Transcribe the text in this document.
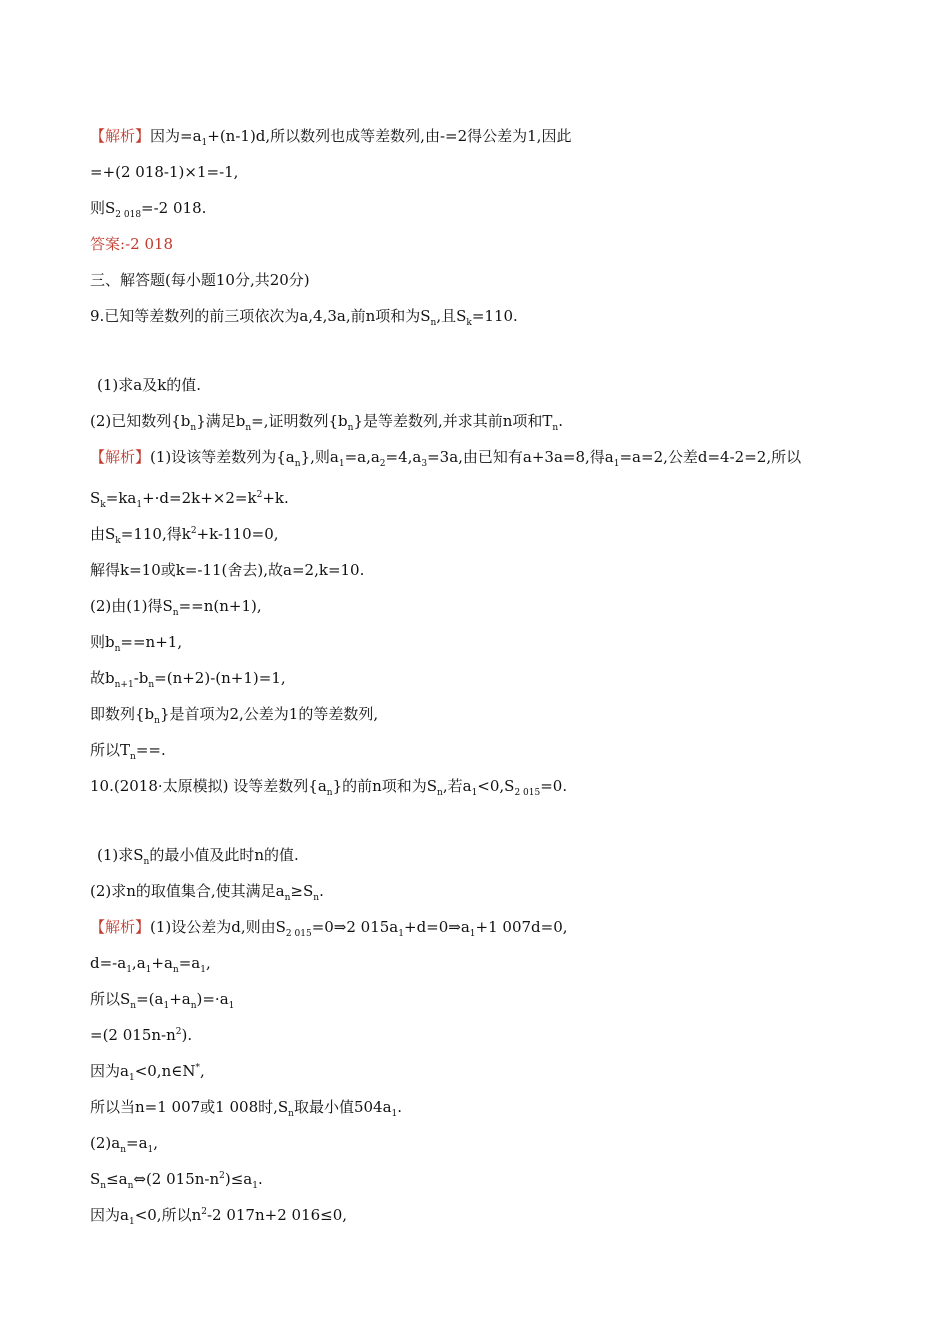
【解析】因为$=a_1+(n-1)d$,所以数列也成等差数列,由-=2得公差为1,因此
=+(2 018-1)×1=-1,
则$S_{2 018}=-2$ 018.
答案:-2 018
三、解答题(每小题10分,共20分)
9.已知等差数列的前三项依次为a,4,3a,前n项和为$S_n$,且$S_k=110$.
(1)求a及k的值.
(2)已知数列$\{b_n\}$满足$b_n=$,证明数列$\{b_n\}$是等差数列,并求其前n项和$T_n$.
【解析】(1)设该等差数列为$\{a_n\}$,则$a_1=a,a_2=4,a_3=3a$,由已知有a+3a=8,得$a_1=a=2$,公差d=4-2=2,所以
$S_k=ka_1+\cdot d=2k+\times 2=k^2+k$.
由$S_k=110$,得$k^2+k-110=0$,
解得k=10或k=-11(舍去),故a=2,k=10.
(2)由(1)得$S_n==n(n+1)$,
则$b_n==n+1$,
故$b_{n+1}-b_n=(n+2)-(n+1)=1$,
即数列$\{b_n\}$是首项为2,公差为1的等差数列,
所以$T_n==$.
10.(2018·太原模拟) 设等差数列$\{a_n\}$的前n项和为$S_n$,若$a_1<0,S_{2 015}=0$.
(1)求$S_n$的最小值及此时n的值.
(2)求n的取值集合,使其满足$a_n\ge S_n$.
【解析】(1)设公差为d,则由$S_{2 015}=0\Rightarrow 2$ $015a_1+d=0\Rightarrow a_1+1$ 007d=0,
$d=-a_1,a_1+a_n=a_1$,
所以$S_n=(a_1+a_n)=\cdot a_1$
=(2 $015n-n^2$).
因为$a_1<0,n\in N^*$,
所以当n=1 007或1 008时$,S_n$取最小值$504a_1$.
$(2)a_n=a_1$,
$S_n\le a_n\Leftrightarrow(2$ $015n-n^2)\le a_1$.
因为$a_1<0$,所以$n^2-2$ 017n+2 016≤0,
